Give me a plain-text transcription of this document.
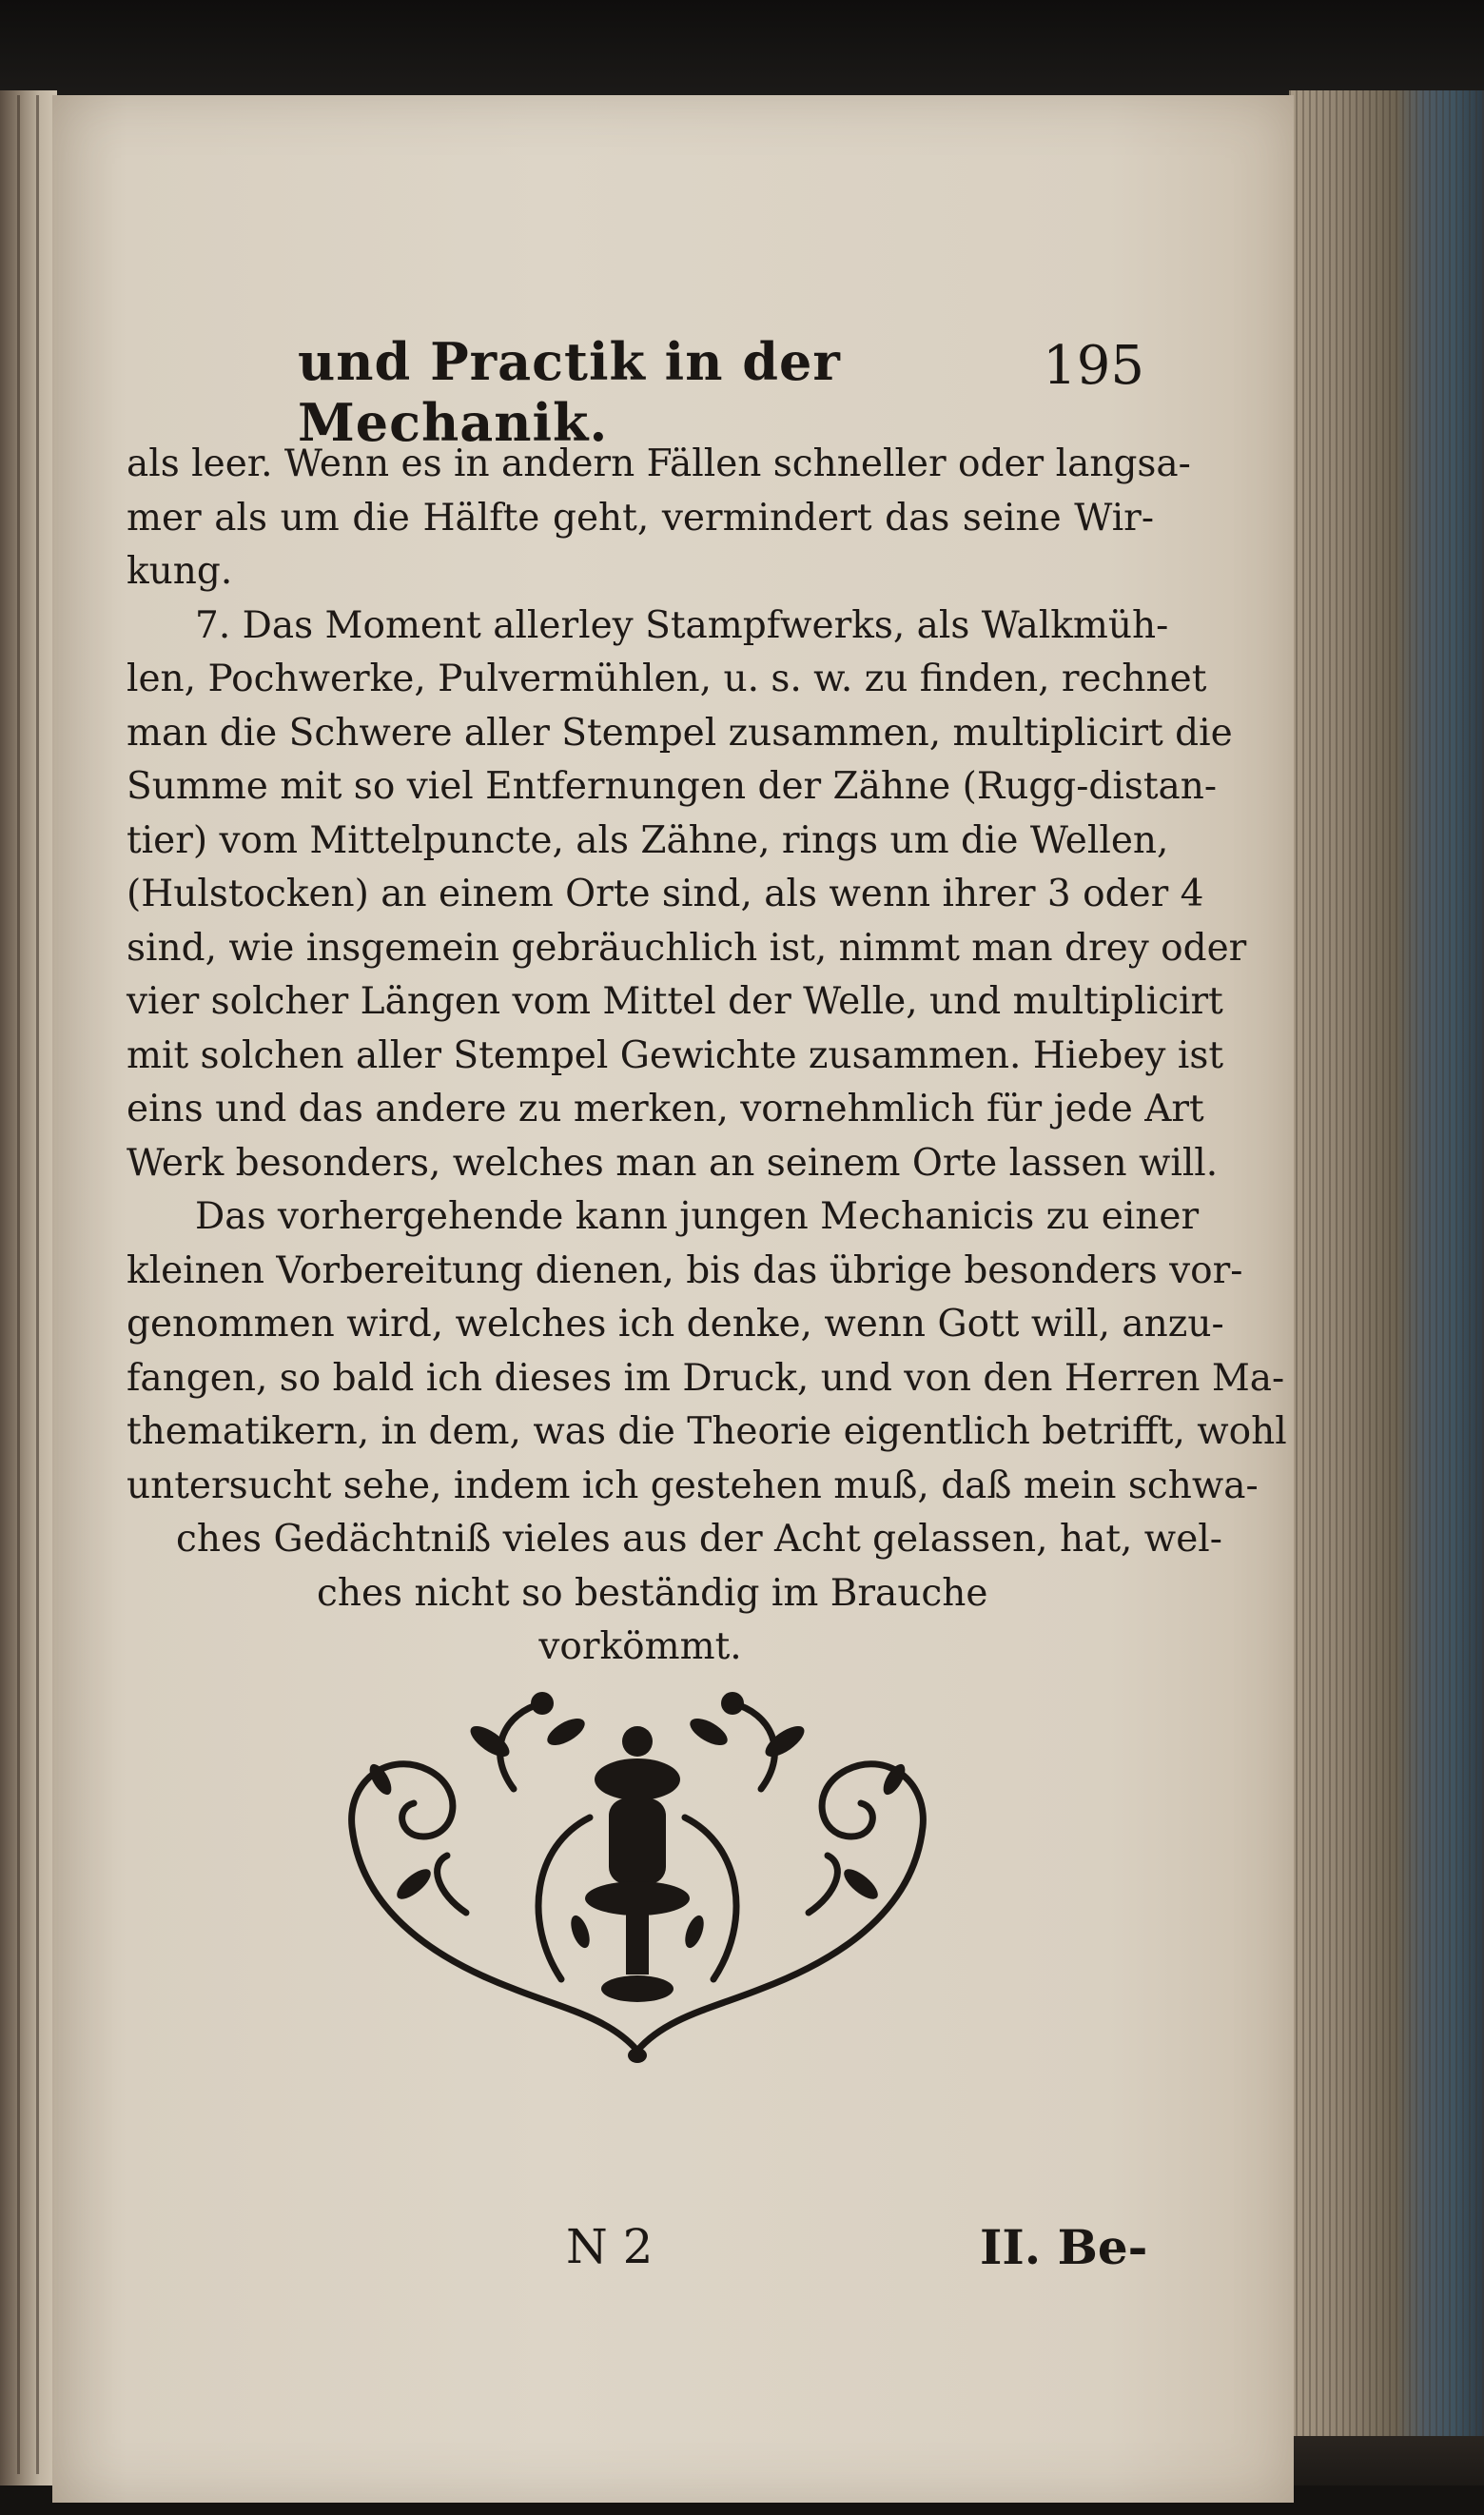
und Practik in der Mechanik.
195
als leer. Wenn es in andern Fällen schneller oder langsa-
mer als um die Hälfte geht, vermindert das seine Wir-
kung.
7. Das Moment allerley Stampfwerks, als Walkmüh-
len, Pochwerke, Pulvermühlen, u. s. w. zu finden, rechnet
man die Schwere aller Stempel zusammen, multiplicirt die
Summe mit so viel Entfernungen der Zähne (Rugg-distan-
tier) vom Mittelpuncte, als Zähne, rings um die Wellen,
(Hulstocken) an einem Orte sind, als wenn ihrer 3 oder 4
sind, wie insgemein gebräuchlich ist, nimmt man drey oder
vier solcher Längen vom Mittel der Welle, und multiplicirt
mit solchen aller Stempel Gewichte zusammen. Hiebey ist
eins und das andere zu merken, vornehmlich für jede Art
Werk besonders, welches man an seinem Orte lassen will.
Das vorhergehende kann jungen Mechanicis zu einer
kleinen Vorbereitung dienen, bis das übrige besonders vor-
genommen wird, welches ich denke, wenn Gott will, anzu-
fangen, so bald ich dieses im Druck, und von den Herren Ma-
thematikern, in dem, was die Theorie eigentlich betrifft, wohl
untersucht sehe, indem ich gestehen muß, daß mein schwa-
ches Gedächtniß vieles aus der Acht gelassen, hat, wel-
ches nicht so beständig im Brauche
vorkömmt.
N 2	II. Be-
